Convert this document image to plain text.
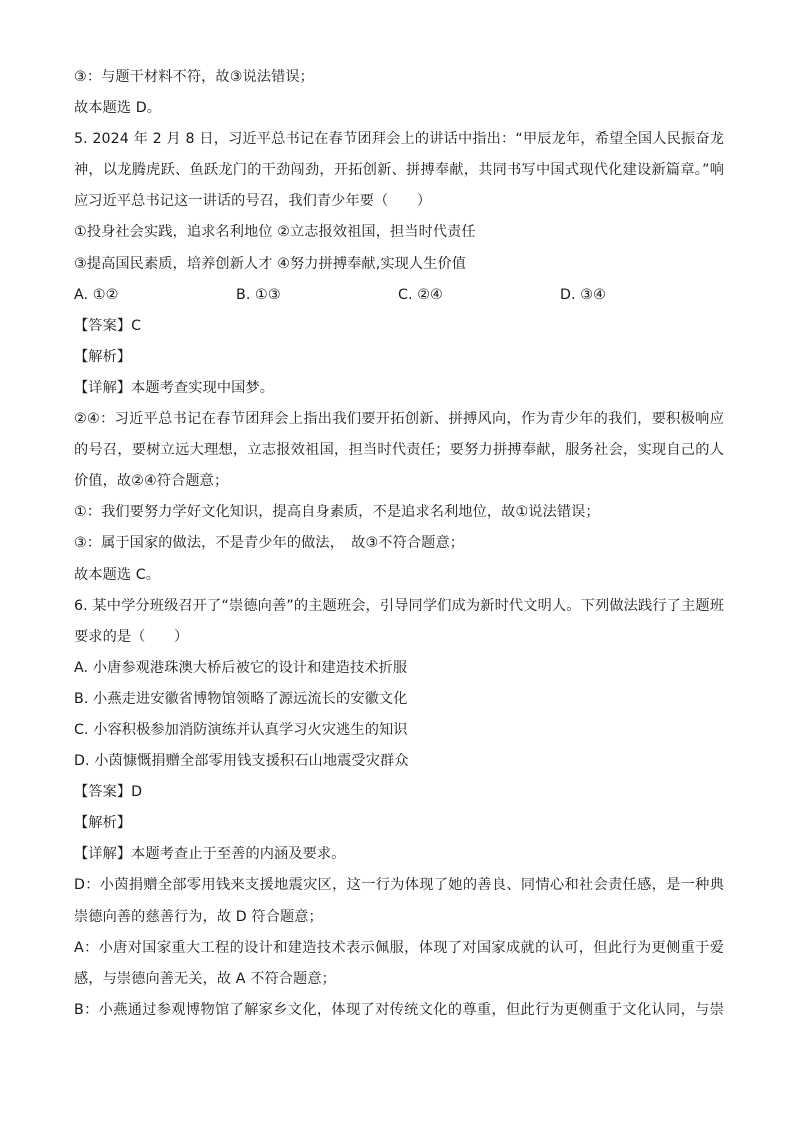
③：与题干材料不符，故③说法错误；
故本题选 D。
5. 2024 年 2 月 8 日，习近平总书记在春节团拜会上的讲话中指出：“甲辰龙年，希望全国人民振奋龙
神，以龙腾虎跃、鱼跃龙门的干劲闯劲，开拓创新、拼搏奉献，共同书写中国式现代化建设新篇章。”响
应习近平总书记这一讲话的号召，我们青少年要（　　）
①投身社会实践，追求名利地位 ②立志报效祖国，担当时代责任
③提高国民素质，培养创新人才 ④努力拼搏奉献,实现人生价值
A. ①②	B. ①③	C. ②④	D. ③④
【答案】C
【解析】
【详解】本题考查实现中国梦。
②④：习近平总书记在春节团拜会上指出我们要开拓创新、拼搏风向，作为青少年的我们，要积极响应
的号召，要树立远大理想，立志报效祖国，担当时代责任；要努力拼搏奉献，服务社会，实现自己的人
价值，故②④符合题意；
①：我们要努力学好文化知识，提高自身素质，不是追求名利地位，故①说法错误；
③：属于国家的做法，不是青少年的做法，　故③不符合题意；
故本题选 C。
6. 某中学分班级召开了“崇德向善”的主题班会，引导同学们成为新时代文明人。下列做法践行了主题班
要求的是（　　）
A. 小唐参观港珠澳大桥后被它的设计和建造技术折服
B. 小燕走进安徽省博物馆领略了源远流长的安徽文化
C. 小容积极参加消防演练并认真学习火灾逃生的知识
D. 小茵慷慨捐赠全部零用钱支援积石山地震受灾群众
【答案】D
【解析】
【详解】本题考查止于至善的内涵及要求。
D：小茵捐赠全部零用钱来支援地震灾区，这一行为体现了她的善良、同情心和社会责任感，是一种典
崇德向善的慈善行为，故 D 符合题意；
A：小唐对国家重大工程的设计和建造技术表示佩服，体现了对国家成就的认可，但此行为更侧重于爱
感，与崇德向善无关，故 A 不符合题意；
B：小燕通过参观博物馆了解家乡文化，体现了对传统文化的尊重，但此行为更侧重于文化认同，与崇
